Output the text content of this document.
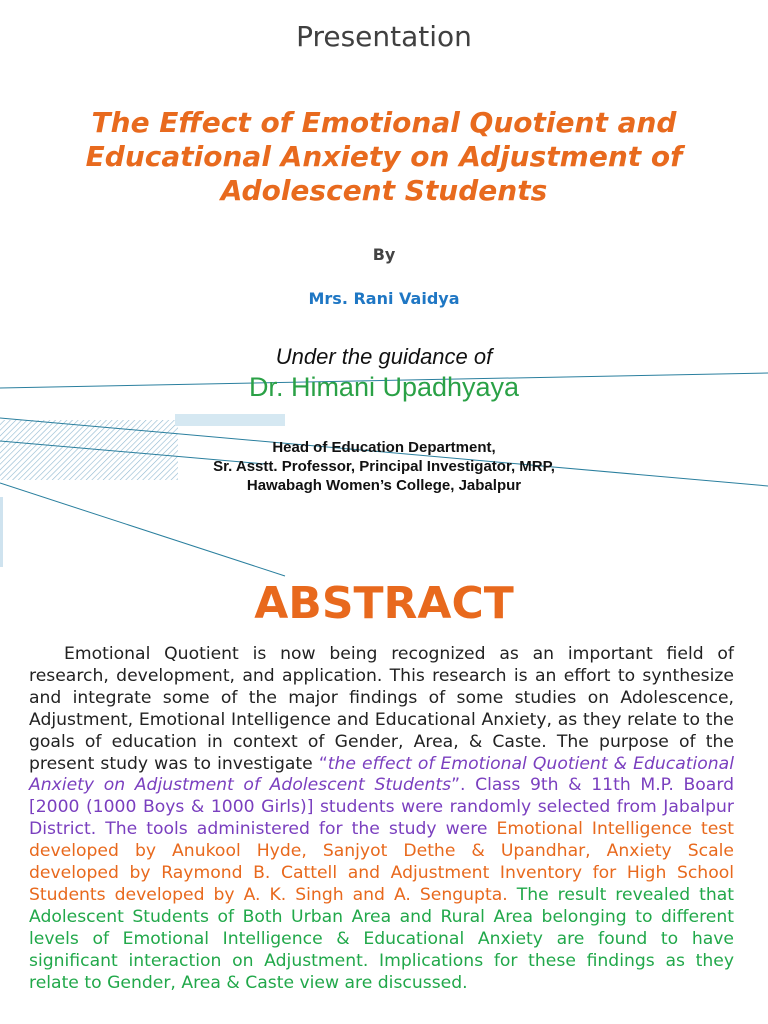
Presentation
The Effect of Emotional Quotient and
Educational Anxiety on Adjustment of
Adolescent Students
By
Mrs. Rani Vaidya
Under the guidance of
Dr. Himani Upadhyaya
Head of Education Department,
Sr. Asstt. Professor, Principal Investigator, MRP,
Hawabagh Women’s College, Jabalpur
ABSTRACT
Emotional Quotient is now being recognized as an important field of research, development, and application. This research is an effort to synthesize and integrate some of the major findings of some studies on Adolescence, Adjustment, Emotional Intelligence and Educational Anxiety, as they relate to the goals of education in context of Gender, Area, & Caste. The purpose of the present study was to investigate “the effect of Emotional Quotient & Educational Anxiety on Adjustment of Adolescent Students”. Class 9th & 11th M.P. Board [2000 (1000 Boys & 1000 Girls)] students were randomly selected from Jabalpur District. The tools administered for the study were Emotional Intelligence test developed by Anukool Hyde, Sanjyot Dethe & Upandhar, Anxiety Scale developed by Raymond B. Cattell and Adjustment Inventory for High School Students developed by A. K. Singh and A. Sengupta. The result revealed that Adolescent Students of Both Urban Area and Rural Area belonging to different levels of Emotional Intelligence & Educational Anxiety are found to have significant interaction on Adjustment. Implications for these findings as they relate to Gender, Area & Caste view are discussed.
